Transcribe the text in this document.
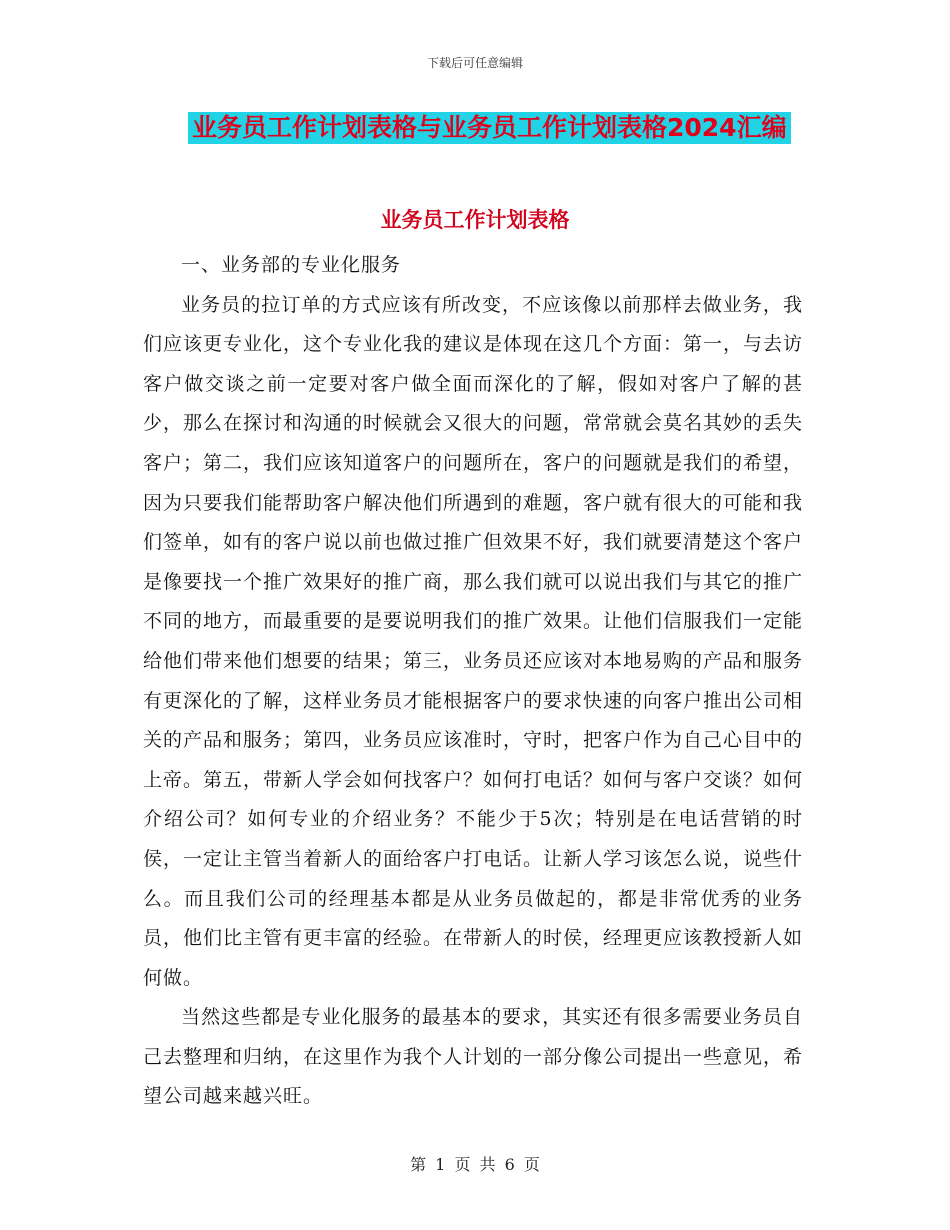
下载后可任意编辑
业务员工作计划表格与业务员工作计划表格2024汇编
业务员工作计划表格

一、业务部的专业化服务

业务员的拉订单的方式应该有所改变，不应该像以前那样去做业务，我们应该更专业化，这个专业化我的建议是体现在这几个方面：第一，与去访客户做交谈之前一定要对客户做全面而深化的了解，假如对客户了解的甚少，那么在探讨和沟通的时候就会又很大的问题，常常就会莫名其妙的丢失客户；第二，我们应该知道客户的问题所在，客户的问题就是我们的希望，因为只要我们能帮助客户解决他们所遇到的难题，客户就有很大的可能和我们签单，如有的客户说以前也做过推广但效果不好，我们就要清楚这个客户是像要找一个推广效果好的推广商，那么我们就可以说出我们与其它的推广不同的地方，而最重要的是要说明我们的推广效果。让他们信服我们一定能给他们带来他们想要的结果；第三，业务员还应该对本地易购的产品和服务有更深化的了解，这样业务员才能根据客户的要求快速的向客户推出公司相关的产品和服务；第四，业务员应该准时，守时，把客户作为自己心目中的上帝。第五，带新人学会如何找客户？如何打电话？如何与客户交谈？如何介绍公司？如何专业的介绍业务？不能少于5次；特别是在电话营销的时侯，一定让主管当着新人的面给客户打电话。让新人学习该怎么说，说些什么。而且我们公司的经理基本都是从业务员做起的，都是非常优秀的业务员，他们比主管有更丰富的经验。在带新人的时侯，经理更应该教授新人如何做。

当然这些都是专业化服务的最基本的要求，其实还有很多需要业务员自己去整理和归纳，在这里作为我个人计划的一部分像公司提出一些意见，希望公司越来越兴旺。

第 1 页 共 6 页
